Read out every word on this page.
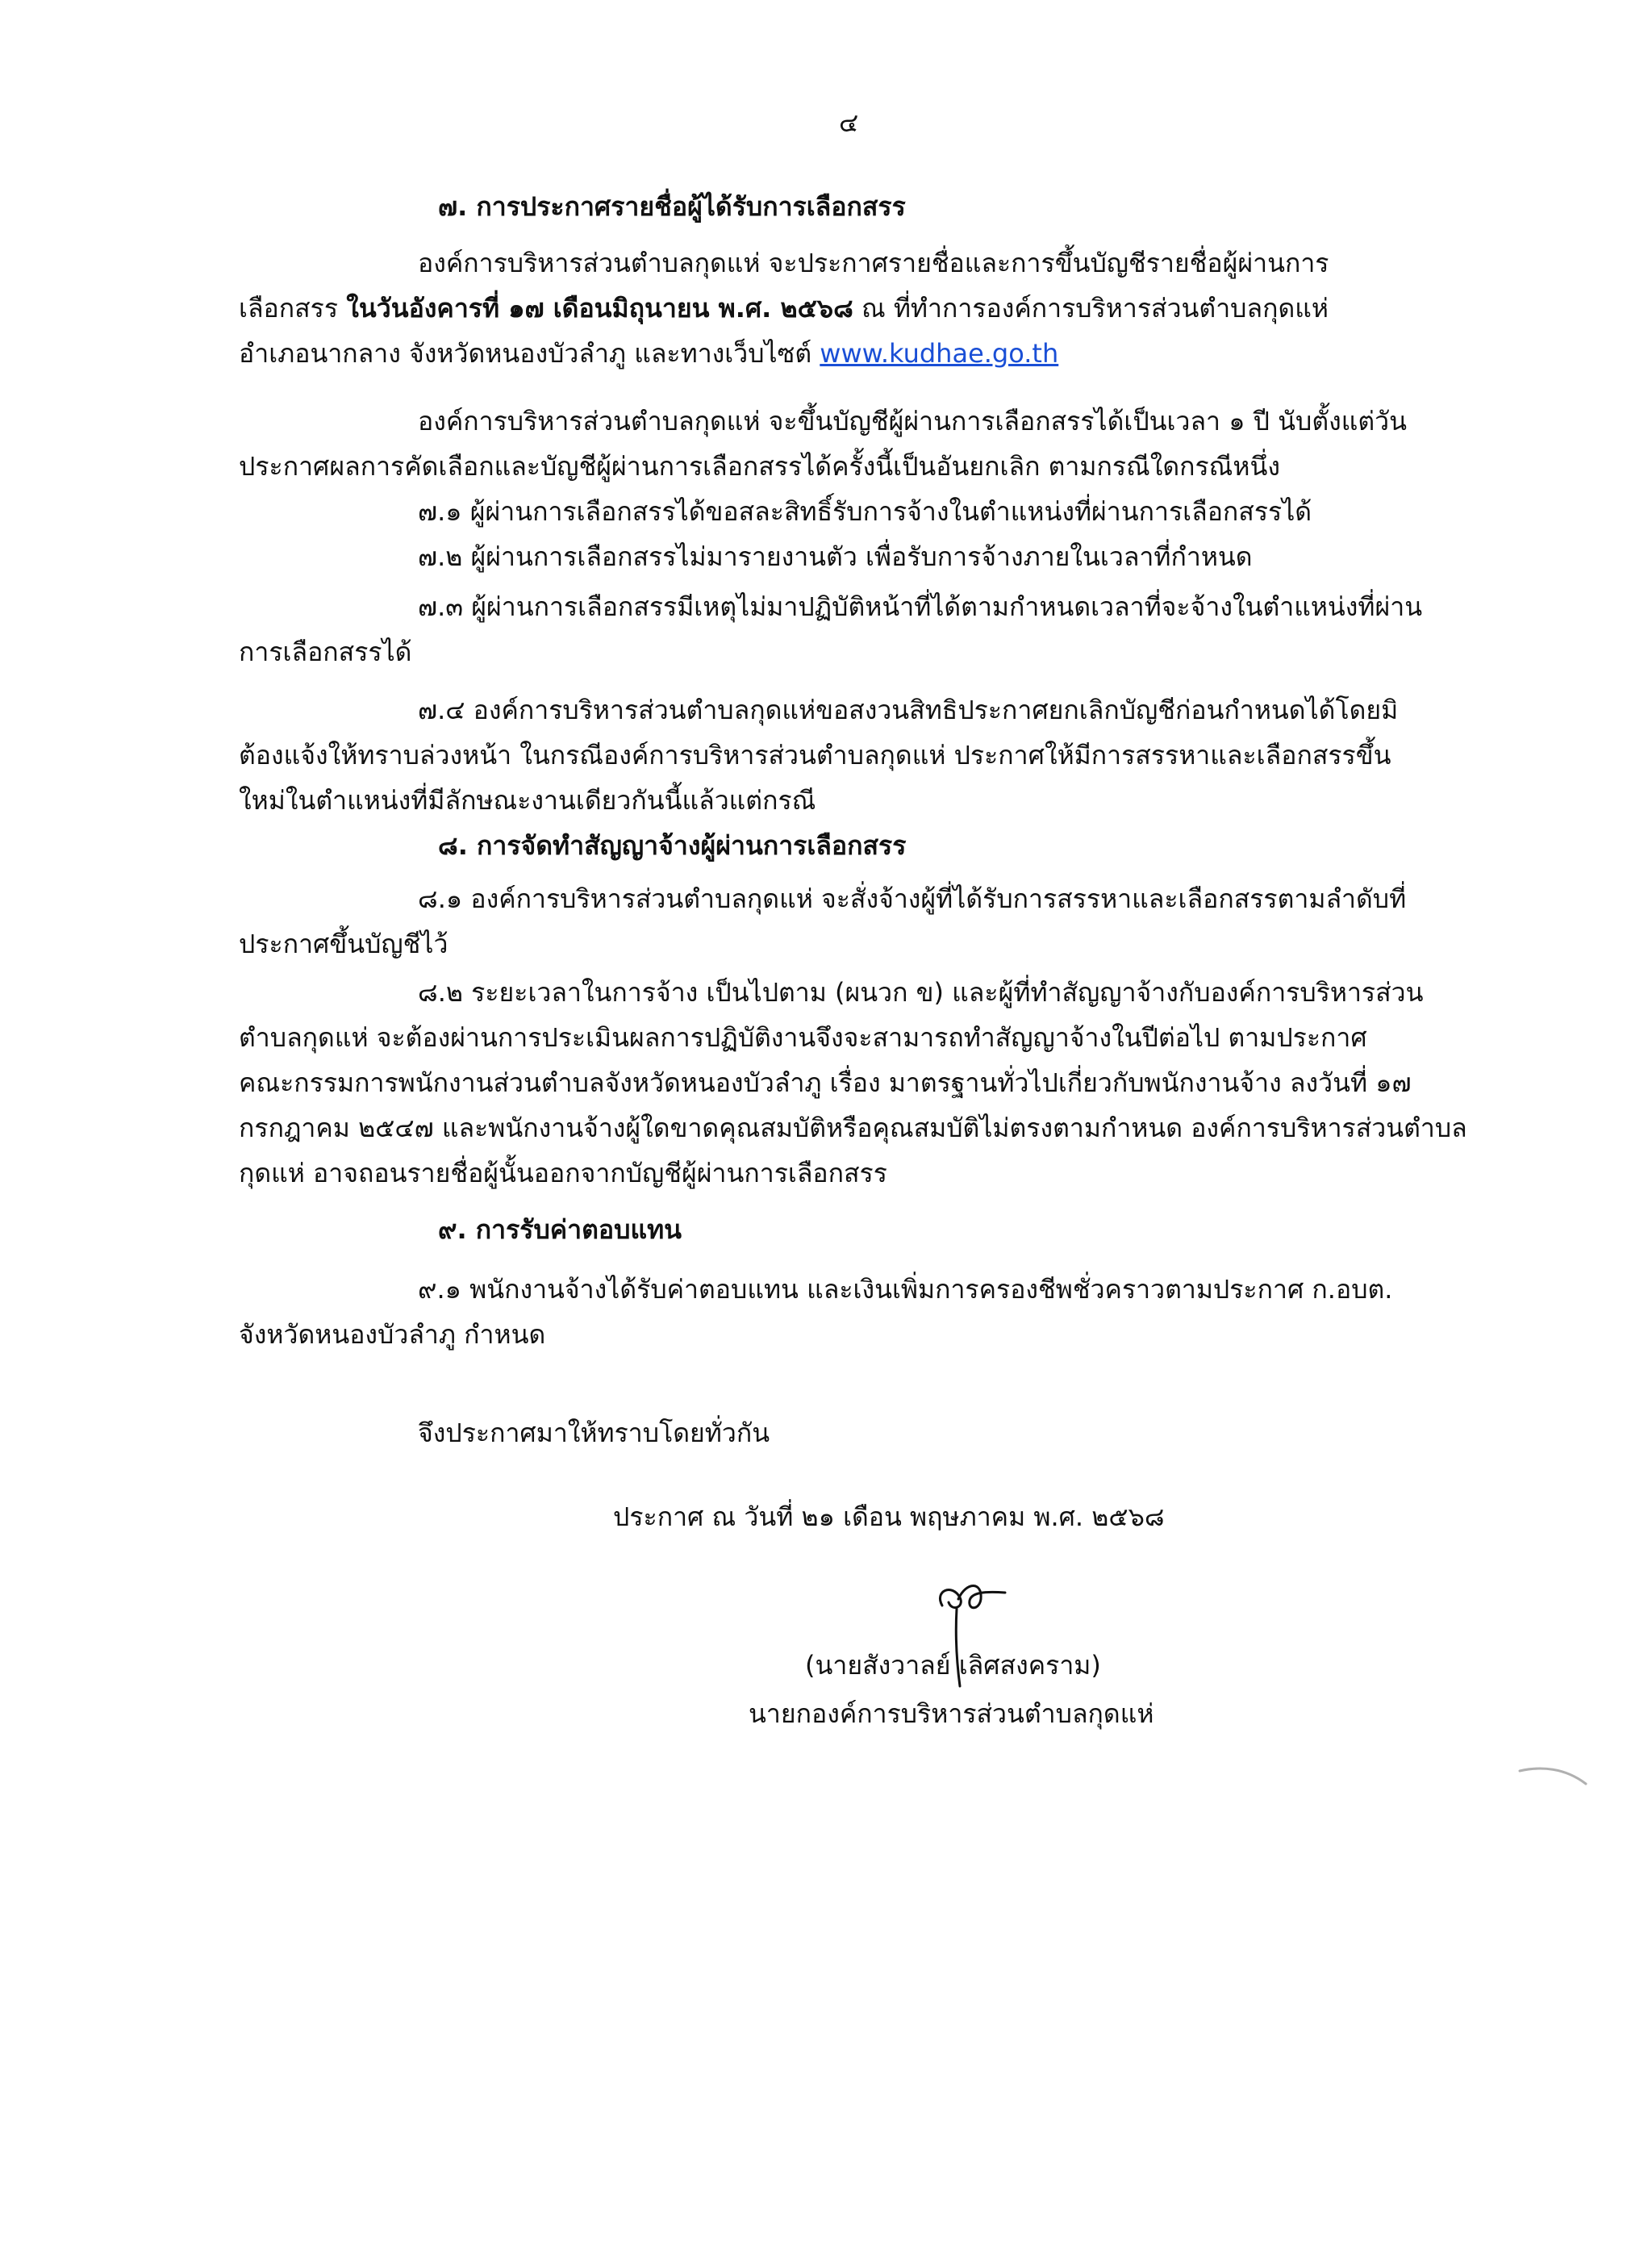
๔

๗. การประกาศรายชื่อผู้ได้รับการเลือกสรร

องค์การบริหารส่วนตำบลกุดแห่ จะประกาศรายชื่อและการขึ้นบัญชีรายชื่อผู้ผ่านการ

เลือกสรร ในวันอังคารที่ ๑๗ เดือนมิถุนายน พ.ศ. ๒๕๖๘ ณ ที่ทำการองค์การบริหารส่วนตำบลกุดแห่

อำเภอนากลาง จังหวัดหนองบัวลำภู และทางเว็บไซต์ www.kudhae.go.th

องค์การบริหารส่วนตำบลกุดแห่ จะขึ้นบัญชีผู้ผ่านการเลือกสรรได้เป็นเวลา ๑ ปี นับตั้งแต่วัน

ประกาศผลการคัดเลือกและบัญชีผู้ผ่านการเลือกสรรได้ครั้งนี้เป็นอันยกเลิก ตามกรณีใดกรณีหนึ่ง

๗.๑ ผู้ผ่านการเลือกสรรได้ขอสละสิทธิ์รับการจ้างในตำแหน่งที่ผ่านการเลือกสรรได้

๗.๒ ผู้ผ่านการเลือกสรรไม่มารายงานตัว เพื่อรับการจ้างภายในเวลาที่กำหนด

๗.๓ ผู้ผ่านการเลือกสรรมีเหตุไม่มาปฏิบัติหน้าที่ได้ตามกำหนดเวลาที่จะจ้างในตำแหน่งที่ผ่าน

การเลือกสรรได้

๗.๔ องค์การบริหารส่วนตำบลกุดแห่ขอสงวนสิทธิประกาศยกเลิกบัญชีก่อนกำหนดได้โดยมิ

ต้องแจ้งให้ทราบล่วงหน้า ในกรณีองค์การบริหารส่วนตำบลกุดแห่ ประกาศให้มีการสรรหาและเลือกสรรขึ้น

ใหม่ในตำแหน่งที่มีลักษณะงานเดียวกันนี้แล้วแต่กรณี

๘. การจัดทำสัญญาจ้างผู้ผ่านการเลือกสรร

๘.๑ องค์การบริหารส่วนตำบลกุดแห่ จะสั่งจ้างผู้ที่ได้รับการสรรหาและเลือกสรรตามลำดับที่

ประกาศขึ้นบัญชีไว้

๘.๒ ระยะเวลาในการจ้าง เป็นไปตาม (ผนวก ข) และผู้ที่ทำสัญญาจ้างกับองค์การบริหารส่วน

ตำบลกุดแห่ จะต้องผ่านการประเมินผลการปฏิบัติงานจึงจะสามารถทำสัญญาจ้างในปีต่อไป ตามประกาศ

คณะกรรมการพนักงานส่วนตำบลจังหวัดหนองบัวลำภู เรื่อง มาตรฐานทั่วไปเกี่ยวกับพนักงานจ้าง ลงวันที่ ๑๗

กรกฎาคม ๒๕๔๗ และพนักงานจ้างผู้ใดขาดคุณสมบัติหรือคุณสมบัติไม่ตรงตามกำหนด องค์การบริหารส่วนตำบล

กุดแห่ อาจถอนรายชื่อผู้นั้นออกจากบัญชีผู้ผ่านการเลือกสรร

๙. การรับค่าตอบแทน

๙.๑ พนักงานจ้างได้รับค่าตอบแทน และเงินเพิ่มการครองชีพชั่วคราวตามประกาศ ก.อบต.

จังหวัดหนองบัวลำภู กำหนด

จึงประกาศมาให้ทราบโดยทั่วกัน

ประกาศ ณ วันที่ ๒๑ เดือน พฤษภาคม พ.ศ. ๒๕๖๘

(นายสังวาลย์ เลิศสงคราม)

นายกองค์การบริหารส่วนตำบลกุดแห่
